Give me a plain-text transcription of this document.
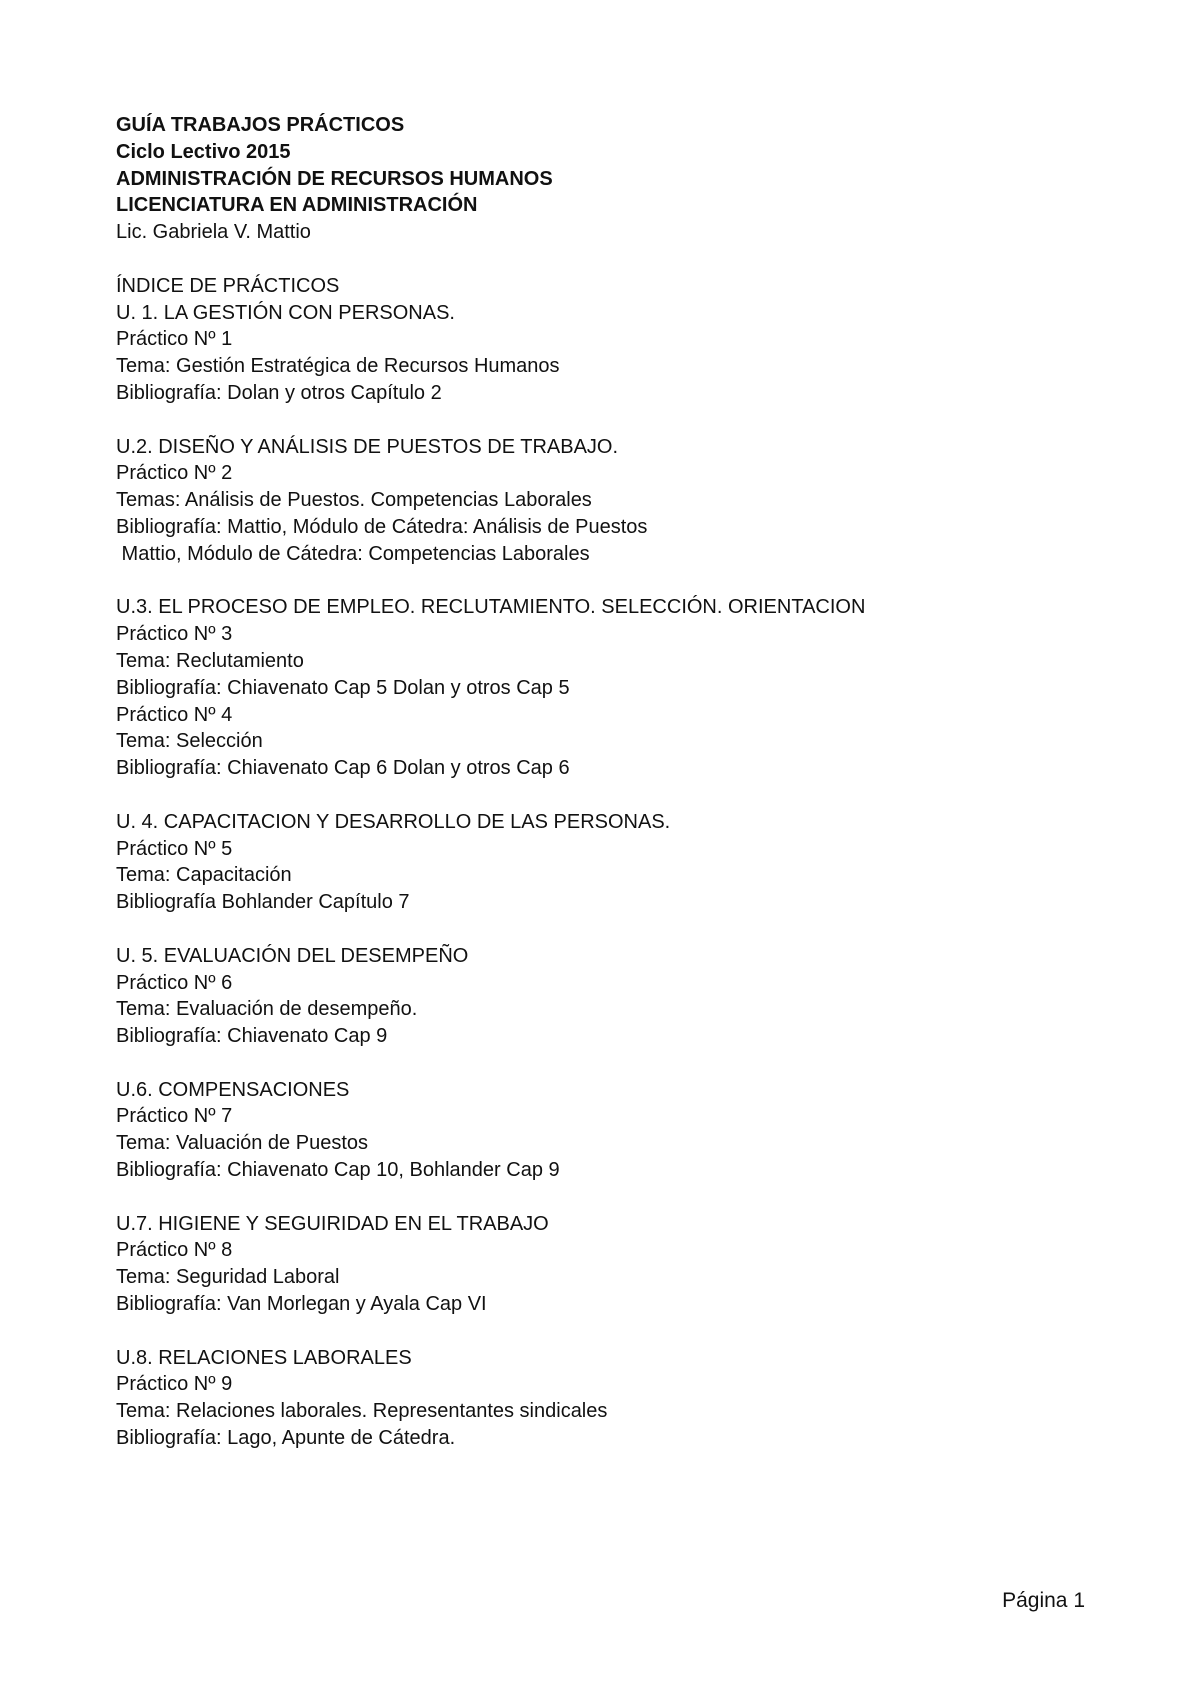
GUÍA TRABAJOS PRÁCTICOS

Ciclo Lectivo 2015

ADMINISTRACIÓN DE RECURSOS HUMANOS

LICENCIATURA EN ADMINISTRACIÓN

Lic. Gabriela V. Mattio

ÍNDICE DE PRÁCTICOS

U. 1. LA GESTIÓN CON PERSONAS.

Práctico Nº 1

Tema: Gestión Estratégica de Recursos Humanos

Bibliografía: Dolan y otros Capítulo 2

U.2. DISEÑO Y ANÁLISIS DE PUESTOS DE TRABAJO.

Práctico Nº 2

Temas: Análisis de Puestos. Competencias Laborales

Bibliografía: Mattio, Módulo de Cátedra: Análisis de Puestos

Mattio, Módulo de Cátedra: Competencias Laborales

U.3. EL PROCESO DE EMPLEO. RECLUTAMIENTO. SELECCIÓN. ORIENTACION

Práctico Nº 3

Tema: Reclutamiento

Bibliografía: Chiavenato Cap 5 Dolan y otros Cap 5

Práctico Nº 4

Tema: Selección

Bibliografía: Chiavenato Cap 6 Dolan y otros Cap 6

U. 4. CAPACITACION Y DESARROLLO DE LAS PERSONAS.

Práctico Nº 5

Tema: Capacitación

Bibliografía Bohlander Capítulo 7

U. 5. EVALUACIÓN DEL DESEMPEÑO

Práctico Nº 6

Tema: Evaluación de desempeño.

Bibliografía: Chiavenato Cap 9

U.6. COMPENSACIONES

Práctico Nº 7

Tema: Valuación de Puestos

Bibliografía: Chiavenato Cap 10, Bohlander Cap 9

U.7. HIGIENE Y SEGUIRIDAD EN EL TRABAJO

Práctico Nº 8

Tema: Seguridad Laboral

Bibliografía: Van Morlegan y Ayala Cap VI

U.8. RELACIONES LABORALES

Práctico Nº 9

Tema: Relaciones laborales. Representantes sindicales

Bibliografía: Lago, Apunte de Cátedra.

Página 1
